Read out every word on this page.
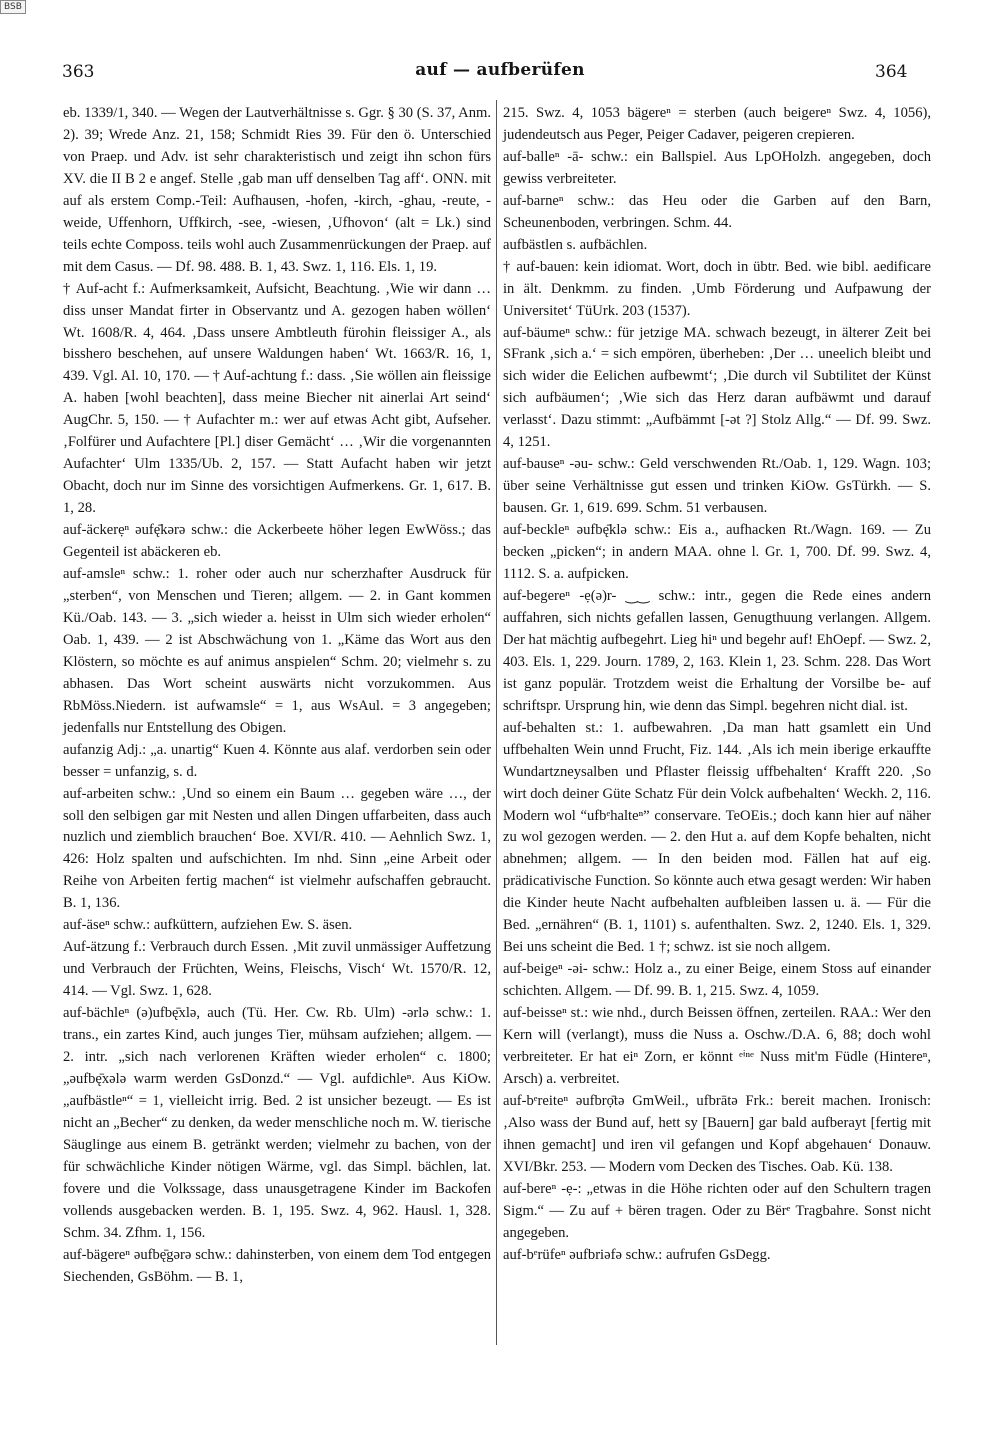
BSB
363	auf — aufberüfen	364

eb. 1339/1, 340. — Wegen der Lautverhältnisse s. Ggr. § 30 (S. 37, Anm. 2). 39; Wrede Anz. 21, 158; Schmidt Ries 39. Für den ö. Unterschied von Praep. und Adv. ist sehr charakteristisch und zeigt ihn schon fürs XV. die II B 2 e angef. Stelle ‚gab man uff denselben Tag aff‘. ONN. mit auf als erstem Comp.-Teil: Aufhausen, -hofen, -kirch, -ghau, -reute, -weide, Uffenhorn, Uffkirch, -see, -wiesen, ‚Ufhovon‘ (alt = Lk.) sind teils echte Composs. teils wohl auch Zusammenrückungen der Praep. auf mit dem Casus. — Df. 98. 488. B. 1, 43. Swz. 1, 116. Els. 1, 19.

† Auf-acht f.: Aufmerksamkeit, Aufsicht, Beachtung. ‚Wie wir dann … diss unser Mandat firter in Observantz und A. gezogen haben wöllen‘ Wt. 1608/R. 4, 464. ‚Dass unsere Ambtleuth fürohin fleissiger A., als bisshero beschehen, auf unsere Waldungen haben‘ Wt. 1663/R. 16, 1, 439. Vgl. Al. 10, 170. — † Auf-achtung f.: dass. ‚Sie wöllen ain fleissige A. haben [wohl beachten], dass meine Biecher nit ainerlai Art seind‘ AugChr. 5, 150. — † Aufachter m.: wer auf etwas Acht gibt, Aufseher. ‚Folfürer und Aufachtere [Pl.] diser Gemächt‘ … ‚Wir die vorgenannten Aufachter‘ Ulm 1335/Ub. 2, 157. — Statt Aufacht haben wir jetzt Obacht, doch nur im Sinne des vorsichtigen Aufmerkens. Gr. 1, 617. B. 1, 28.

auf-äckerẹⁿ əufę̄kərə schw.: die Ackerbeete höher legen EwWöss.; das Gegenteil ist abäckeren eb.

auf-amsleⁿ schw.: 1. roher oder auch nur scherzhafter Ausdruck für „sterben“, von Menschen und Tieren; allgem. — 2. in Gant kommen Kü./Oab. 143. — 3. „sich wieder a. heisst in Ulm sich wieder erholen“ Oab. 1, 439. — 2 ist Abschwächung von 1. „Käme das Wort aus den Klöstern, so möchte es auf animus anspielen“ Schm. 20; vielmehr s. zu abhasen. Das Wort scheint auswärts nicht vorzukommen. Aus RbMöss.Niedern. ist aufwamsle“ = 1, aus WsAul. = 3 angegeben; jedenfalls nur Entstellung des Obigen.

aufanzig Adj.: „a. unartig“ Kuen 4. Könnte aus alaf. verdorben sein oder besser = unfanzig, s. d.

auf-arbeiten schw.: ‚Und so einem ein Baum … gegeben wäre …, der soll den selbigen gar mit Nesten und allen Dingen uffarbeiten, dass auch nuzlich und ziemblich brauchen‘ Boe. XVI/R. 410. — Aehnlich Swz. 1, 426: Holz spalten und aufschichten. Im nhd. Sinn „eine Arbeit oder Reihe von Arbeiten fertig machen“ ist vielmehr aufschaffen gebraucht. B. 1, 136.

auf-äseⁿ schw.: aufküttern, aufziehen Ew. S. äsen.

Auf-ätzung f.: Verbrauch durch Essen. ‚Mit zuvil unmässiger Auffetzung und Verbrauch der Früchten, Weins, Fleischs, Visch‘ Wt. 1570/R. 12, 414. — Vgl. Swz. 1, 628.

auf-bächleⁿ (ə)ufbę̄xlə, auch (Tü. Her. Cw. Rb. Ulm) -ərlə schw.: 1. trans., ein zartes Kind, auch junges Tier, mühsam aufziehen; allgem. — 2. intr. „sich nach verlorenen Kräften wieder erholen“ c. 1800; „əufbę̄xələ warm werden GsDonzd.“ — Vgl. aufdichleⁿ. Aus KiOw. „aufbästleⁿ“ = 1, vielleicht irrig. Bed. 2 ist unsicher bezeugt. — Es ist nicht an „Becher“ zu denken, da weder menschliche noch m. W. tierische Säuglinge aus einem B. getränkt werden; vielmehr zu bachen, von der für schwächliche Kinder nötigen Wärme, vgl. das Simpl. bächlen, lat. fovere und die Volkssage, dass unausgetragene Kinder im Backofen vollends ausgebacken werden. B. 1, 195. Swz. 4, 962. Hausl. 1, 328. Schm. 34. Zfhm. 1, 156.

auf-bägereⁿ əufbę̄gərə schw.: dahinsterben, von einem dem Tod entgegen Siechenden, GsBöhm. — B. 1,

215. Swz. 4, 1053 bägereⁿ = sterben (auch beigereⁿ Swz. 4, 1056), judendeutsch aus Peger, Peiger Cadaver, peigeren crepieren.

auf-balleⁿ -ā- schw.: ein Ballspiel. Aus LpOHolzh. angegeben, doch gewiss verbreiteter.

auf-barneⁿ schw.: das Heu oder die Garben auf den Barn, Scheunenboden, verbringen. Schm. 44.

aufbästlen s. aufbächlen.

† auf-bauen: kein idiomat. Wort, doch in übtr. Bed. wie bibl. aedificare in ält. Denkmm. zu finden. ‚Umb Förderung und Aufpawung der Universitet‘ TüUrk. 203 (1537).

auf-bäumeⁿ schw.: für jetzige MA. schwach bezeugt, in älterer Zeit bei SFrank ‚sich a.‘ = sich empören, überheben: ‚Der … uneelich bleibt und sich wider die Eelichen aufbewmt‘; ‚Die durch vil Subtilitet der Künst sich aufbäumen‘; ‚Wie sich das Herz daran aufbäwmt und darauf verlasst‘. Dazu stimmt: „Aufbämmt [-ət ?] Stolz Allg.“ — Df. 99. Swz. 4, 1251.

auf-bauseⁿ -əu- schw.: Geld verschwenden Rt./Oab. 1, 129. Wagn. 103; über seine Verhältnisse gut essen und trinken KiOw. GsTürkh. — S. bausen. Gr. 1, 619. 699. Schm. 51 verbausen.

auf-beckleⁿ əufbę̄klə schw.: Eis a., aufhacken Rt./Wagn. 169. — Zu becken „picken“; in andern MAA. ohne l. Gr. 1, 700. Df. 99. Swz. 4, 1112. S. a. aufpicken.

auf-begereⁿ -ẹ(ə)r- ‿‿ schw.: intr., gegen die Rede eines andern auffahren, sich nichts gefallen lassen, Genugthuung verlangen. Allgem. Der hat mächtig aufbegehrt. Lieg hiⁿ und begehr auf! EhOepf. — Swz. 2, 403. Els. 1, 229. Journ. 1789, 2, 163. Klein 1, 23. Schm. 228. Das Wort ist ganz populär. Trotzdem weist die Erhaltung der Vorsilbe be- auf schriftspr. Ursprung hin, wie denn das Simpl. begehren nicht dial. ist.

auf-behalten st.: 1. aufbewahren. ‚Da man hatt gsamlett ein Und uffbehalten Wein unnd Frucht, Fiz. 144. ‚Als ich mein iberige erkauffte Wundartzneysalben und Pflaster fleissig uffbehalten‘ Krafft 220. ‚So wirt doch deiner Güte Schatz Für dein Volck aufbehalten‘ Weckh. 2, 116. Modern wol “ufbᵉhalteⁿ” conservare. TeOEis.; doch kann hier auf näher zu wol gezogen werden. — 2. den Hut a. auf dem Kopfe behalten, nicht abnehmen; allgem. — In den beiden mod. Fällen hat auf eig. prädicativische Function. So könnte auch etwa gesagt werden: Wir haben die Kinder heute Nacht aufbehalten aufbleiben lassen u. ä. — Für die Bed. „ernähren“ (B. 1, 1101) s. aufenthalten. Swz. 2, 1240. Els. 1, 329. Bei uns scheint die Bed. 1 †; schwz. ist sie noch allgem.

auf-beigeⁿ -əi- schw.: Holz a., zu einer Beige, einem Stoss auf einander schichten. Allgem. — Df. 99. B. 1, 215. Swz. 4, 1059.

auf-beisseⁿ st.: wie nhd., durch Beissen öffnen, zerteilen. RAA.: Wer den Kern will (verlangt), muss die Nuss a. Oschw./D.A. 6, 88; doch wohl verbreiteter. Er hat eiⁿ Zorn, er könnt ᵉⁱⁿᵉ Nuss mit'm Füdle (Hintereⁿ, Arsch) a. verbreitet.

auf-bᵉreiteⁿ əufbrọ̄tə GmWeil., ufbrātə Frk.: bereit machen. Ironisch: ‚Also wass der Bund auf, hett sy [Bauern] gar bald aufberayt [fertig mit ihnen gemacht] und iren vil gefangen und Kopf abgehauen‘ Donauw. XVI/Bkr. 253. — Modern vom Decken des Tisches. Oab. Kü. 138.

auf-bereⁿ -ẹ-: „etwas in die Höhe richten oder auf den Schultern tragen Sigm.“ — Zu auf + bëren tragen. Oder zu Bërᵉ Tragbahre. Sonst nicht angegeben.

auf-bᵉrüfeⁿ əufbriəfə schw.: aufrufen GsDegg.
